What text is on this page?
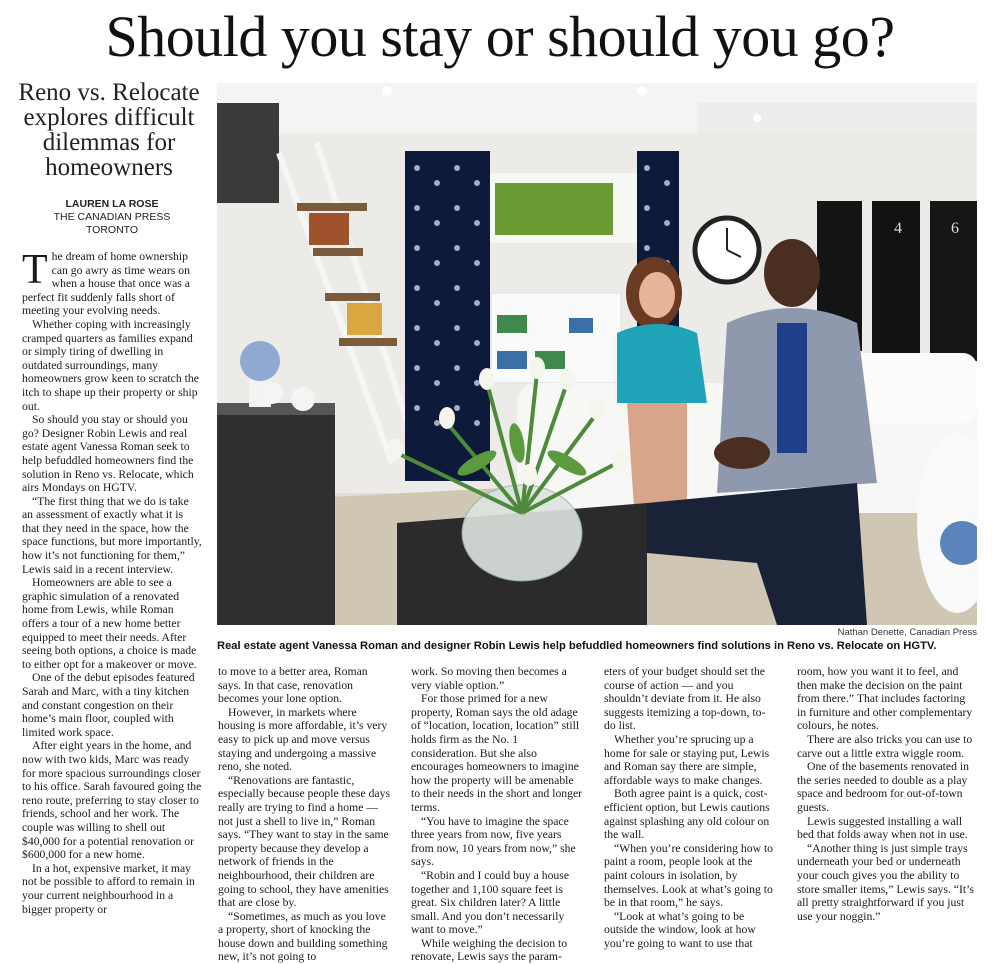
Should you stay or should you go?
Reno vs. Relocate explores difficult dilemmas for homeowners
LAUREN LA ROSE
THE CANADIAN PRESS
TORONTO	4	6
Nathan Denette, Canadian Press
Real estate agent Vanessa Roman and designer Robin Lewis help befuddled homeowners find solutions in Reno vs. Relocate on HGTV.

The dream of home ownership can go awry as time wears on when a house that once was a perfect fit suddenly falls short of meeting your evolving needs.

Whether coping with increasingly cramped quarters as families expand or simply tiring of dwelling in outdated surroundings, many homeowners grow keen to scratch the itch to shape up their property or ship out.

So should you stay or should you go? Designer Robin Lewis and real estate agent Vanessa Roman seek to help befuddled homeowners find the solution in Reno vs. Relocate, which airs Mondays on HGTV.

“The first thing that we do is take an assessment of exactly what it is that they need in the space, how the space functions, but more importantly, how it’s not functioning for them,” Lewis said in a recent interview.

Homeowners are able to see a graphic simulation of a renovated home from Lewis, while Roman offers a tour of a new home better equipped to meet their needs. After seeing both options, a choice is made to either opt for a makeover or move.

One of the debut episodes featured Sarah and Marc, with a tiny kitchen and constant congestion on their home’s main floor, coupled with limited work space.

After eight years in the home, and now with two kids, Marc was ready for more spacious surroundings closer to his office. Sarah favoured going the reno route, preferring to stay closer to friends, school and her work. The couple was willing to shell out $40,000 for a potential renovation or $600,000 for a new home.

In a hot, expensive market, it may not be possible to afford to remain in your current neighbourhood in a bigger property or

to move to a better area, Roman says. In that case, renovation becomes your lone option.

However, in markets where housing is more affordable, it’s very easy to pick up and move versus staying and undergoing a massive reno, she noted.

“Renovations are fantastic, especially because people these days really are trying to find a home — not just a shell to live in,” Roman says. “They want to stay in the same property because they develop a network of friends in the neighbourhood, their children are going to school, they have amenities that are close by.

“Sometimes, as much as you love a property, short of knocking the house down and building something new, it’s not going to

work. So moving then becomes a very viable option.”

For those primed for a new property, Roman says the old adage of “location, location, location” still holds firm as the No. 1 consideration. But she also encourages homeowners to imagine how the property will be amenable to their needs in the short and longer terms.

“You have to imagine the space three years from now, five years from now, 10 years from now,” she says.

“Robin and I could buy a house together and 1,100 square feet is great. Six children later? A little small. And you don’t necessarily want to move.”

While weighing the decision to renovate, Lewis says the param-

eters of your budget should set the course of action — and you shouldn’t deviate from it. He also suggests itemizing a top-down, to-do list.

Whether you’re sprucing up a home for sale or staying put, Lewis and Roman say there are simple, affordable ways to make changes.

Both agree paint is a quick, cost-efficient option, but Lewis cautions against splashing any old colour on the wall.

“When you’re considering how to paint a room, people look at the paint colours in isolation, by themselves. Look at what’s going to be in that room,” he says.

“Look at what’s going to be outside the window, look at how you’re going to want to use that

room, how you want it to feel, and then make the decision on the paint from there.” That includes factoring in furniture and other complementary colours, he notes.

There are also tricks you can use to carve out a little extra wiggle room.

One of the basements renovated in the series needed to double as a play space and bedroom for out-of-town guests.

Lewis suggested installing a wall bed that folds away when not in use.

“Another thing is just simple trays underneath your bed or underneath your couch gives you the ability to store smaller items,” Lewis says. “It’s all pretty straightforward if you just use your noggin.”
